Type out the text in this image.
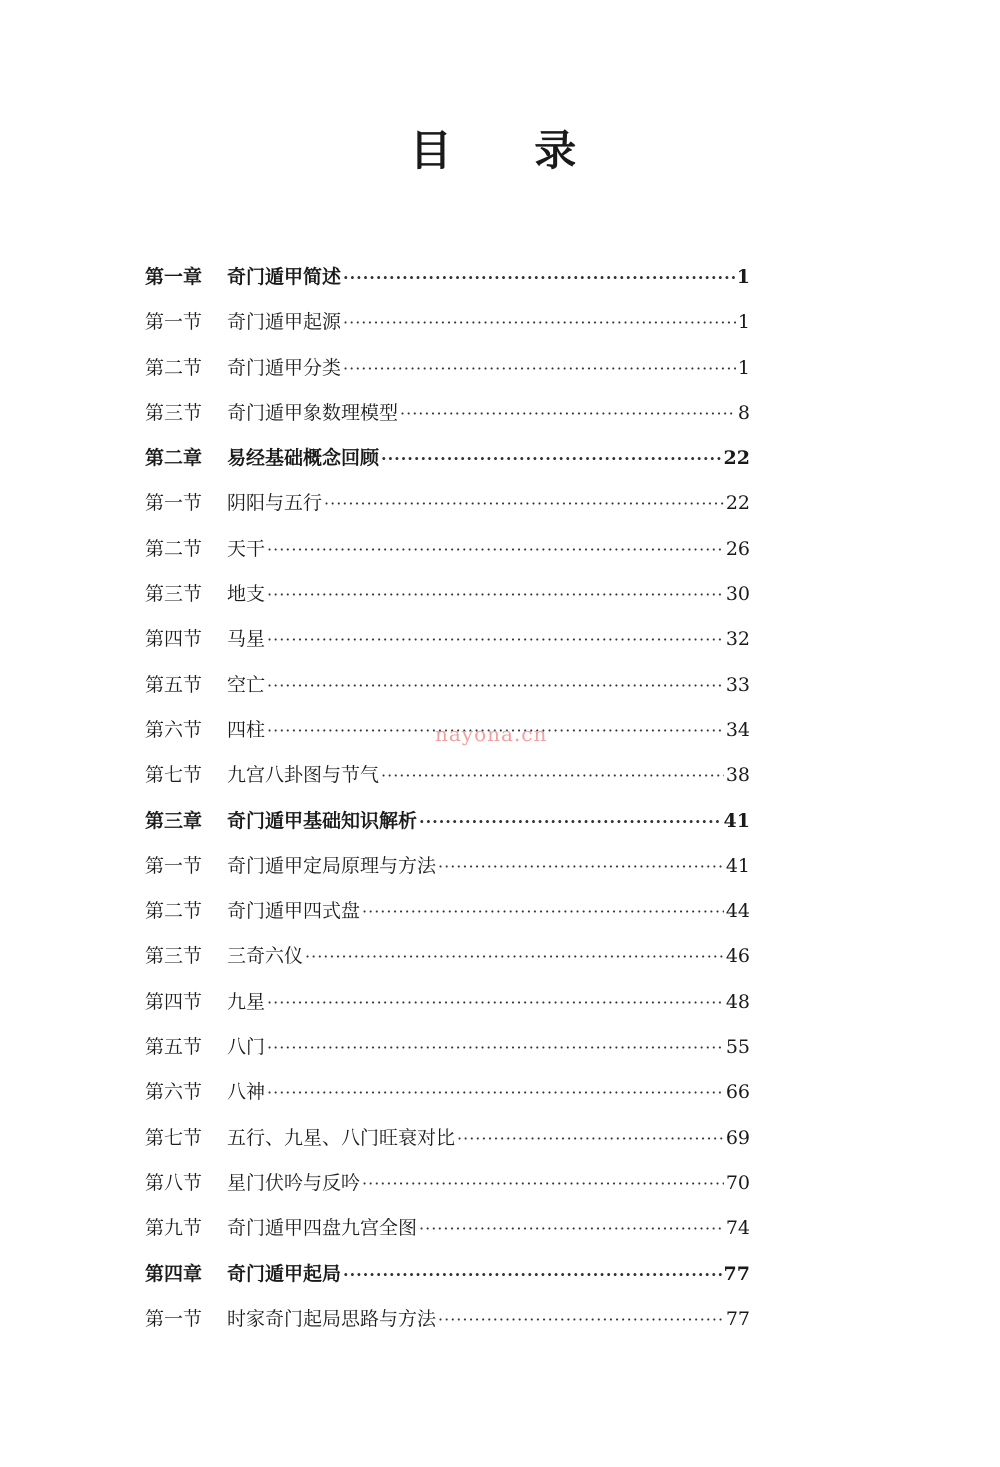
目 录
第一章	奇门遁甲简述 ·····	1
第一节	奇门遁甲起源 ·····	1
第二节	奇门遁甲分类 ·····	1
第三节	奇门遁甲象数理模型 ·····	8
第二章	易经基础概念回顾 ·····	22
第一节	阴阳与五行 ·····	22
第二节	天干 ·····	26
第三节	地支 ·····	30
第四节	马星 ·····	32
第五节	空亡 ·····	33
第六节	四柱 ·····	34
第七节	九宫八卦图与节气 ·····	38
第三章	奇门遁甲基础知识解析 ·····	41
第一节	奇门遁甲定局原理与方法 ·····	41
第二节	奇门遁甲四式盘 ·····	44
第三节	三奇六仪 ·····	46
第四节	九星 ·····	48
第五节	八门 ·····	55
第六节	八神 ·····	66
第七节	五行、九星、八门旺衰对比 ·····	69
第八节	星门伏吟与反吟 ·····	70
第九节	奇门遁甲四盘九宫全图 ·····	74
第四章	奇门遁甲起局 ·····	77
第一节	时家奇门起局思路与方法 ·····	77
nayona.cn
